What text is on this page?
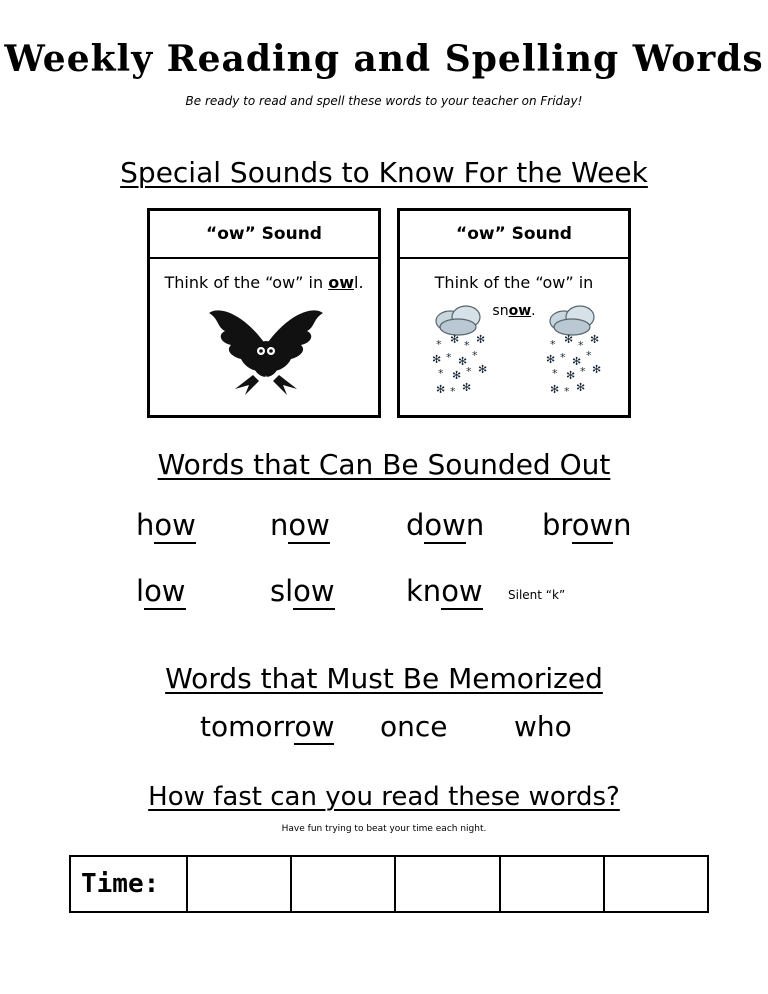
Weekly Reading and Spelling Words
Be ready to read and spell these words to your teacher on Friday!
Special Sounds to Know For the Week
“ow” Sound
Think of the “ow” in owl.
“ow” Sound
Think of the “ow” in
snow.
* ✻ * ✻
✻ * ✻ *
* ✻ * ✻
✻ * ✻
* ✻ * ✻
✻ * ✻ *
* ✻ * ✻
✻ * ✻
Words that Can Be Sounded Out
how	now	down brown
low	slow know Silent “k”
Words that Must Be Memorized
tomorrow once who
How fast can you read these words?
Have fun trying to beat your time each night.
Time:					
